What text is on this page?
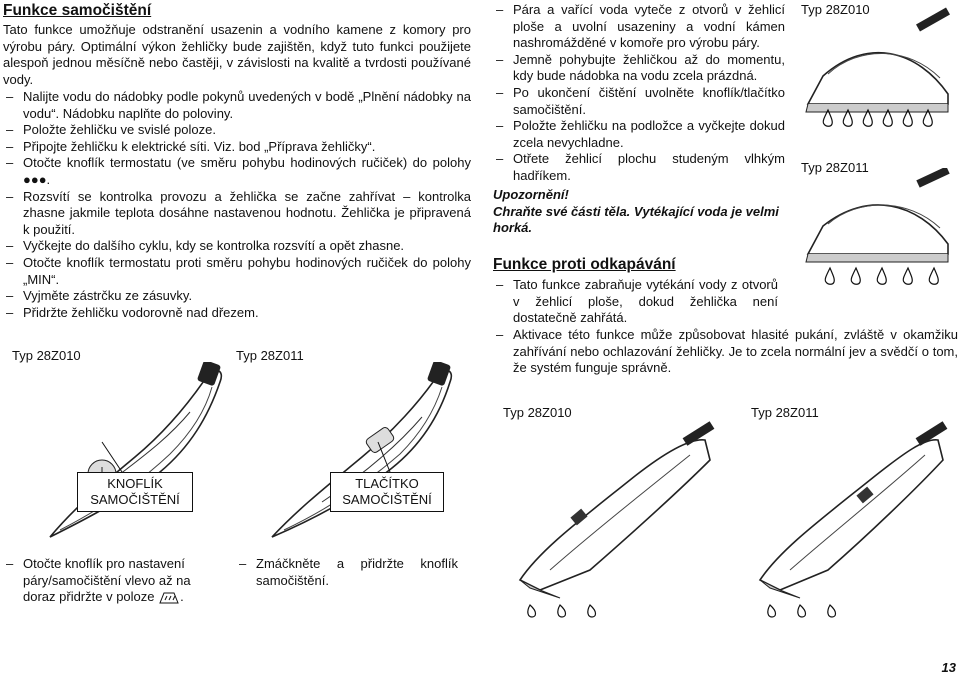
Funkce samočištění
Tato funkce umožňuje odstranění usazenin a vodního kamene z komory pro výrobu páry. Optimální výkon žehličky bude zajištěn, když tuto funkci použijete alespoň jednou měsíčně nebo častěji, v závislosti na kvalitě a tvrdosti používané vody.
– Nalijte vodu do nádobky podle pokynů uvedených v bodě „Plnění nádobky na vodu“. Nádobku naplňte do poloviny.
– Položte žehličku ve svislé poloze.
– Připojte žehličku k elektrické síti. Viz. bod „Příprava žehličky“.
– Otočte knoflík termostatu (ve směru pohybu hodinových ručiček) do polohy ●●●.
– Rozsvítí se kontrolka provozu a žehlička se začne zahřívat – kontrolka zhasne jakmile teplota dosáhne nastavenou hodnotu. Žehlička je připravená k použití.
– Vyčkejte do dalšího cyklu, kdy se kontrolka rozsvítí a opět zhasne.
– Otočte knoflík termostatu proti směru pohybu hodinových ručiček do polohy „MIN“.
– Vyjměte zástrčku ze zásuvky.
– Přidržte žehličku vodorovně nad dřezem.
Typ 28Z010	Typ 28Z011
KNOFLÍK SAMOČIŠTĚNÍ
TLAČÍTKO SAMOČIŠTĚNÍ
– Otočte knoflík pro nastavení páry/samočištění vlevo až na doraz přidržte v poloze .
– Zmáčkněte a přidržte knoflík samočištění.
– Pára a vařící voda vyteče z otvorů v žehlicí ploše a uvolní usazeniny a vodní kámen nashromážděné v komoře pro výrobu páry.
– Jemně pohybujte žehličkou až do momentu, kdy bude nádobka na vodu zcela prázdná.
– Po ukončení čištění uvolněte knoflík/tlačítko samočištění.
– Položte žehličku na podložce a vyčkejte dokud zcela nevychladne.
– Otřete žehlicí plochu studeným vlhkým hadříkem.
Upozornění!
Chraňte své části těla. Vytékající voda je velmi horká.
Typ 28Z010
Typ 28Z011
Funkce proti odkapávání
– Tato funkce zabraňuje vytékání vody z otvorů v žehlicí ploše, dokud žehlička není dostatečně zahřátá.
– Aktivace této funkce může způsobovat hlasité pukání, zvláště v okamžiku zahřívání nebo ochlazování žehličky. Je to zcela normální jev a svědčí o tom, že systém funguje správně.
Typ 28Z010	Typ 28Z011
13
